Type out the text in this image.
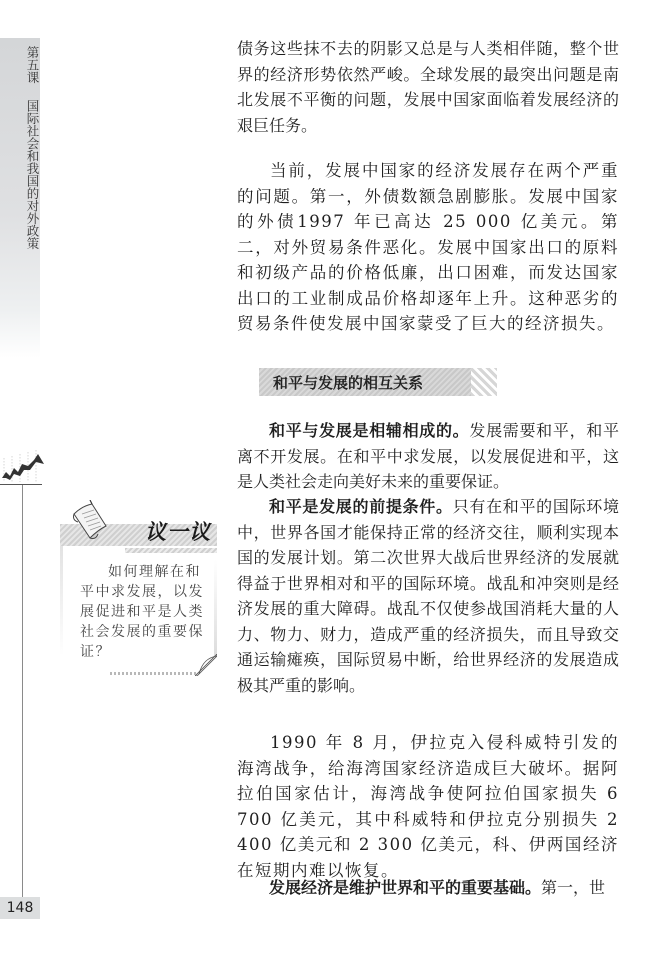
第五课国际社会和我国的对外政策
148

债务这些抹不去的阴影又总是与人类相伴随，整个世界的经济形势依然严峻。全球发展的最突出问题是南北发展不平衡的问题，发展中国家面临着发展经济的艰巨任务。

当前，发展中国家的经济发展存在两个严重的问题。第一，外债数额急剧膨胀。发展中国家的外债1997 年已高达 25 000 亿美元。第二，对外贸易条件恶化。发展中国家出口的原料和初级产品的价格低廉，出口困难，而发达国家出口的工业制成品价格却逐年上升。这种恶劣的贸易条件使发展中国家蒙受了巨大的经济损失。

和平与发展的相互关系

和平与发展是相辅相成的。发展需要和平，和平离不开发展。在和平中求发展，以发展促进和平，这是人类社会走向美好未来的重要保证。

和平是发展的前提条件。只有在和平的国际环境中，世界各国才能保持正常的经济交往，顺利实现本国的发展计划。第二次世界大战后世界经济的发展就得益于世界相对和平的国际环境。战乱和冲突则是经济发展的重大障碍。战乱不仅使参战国消耗大量的人力、物力、财力，造成严重的经济损失，而且导致交通运输瘫痪，国际贸易中断，给世界经济的发展造成极其严重的影响。

1990 年 8 月，伊拉克入侵科威特引发的海湾战争，给海湾国家经济造成巨大破坏。据阿拉伯国家估计，海湾战争使阿拉伯国家损失 6 700 亿美元，其中科威特和伊拉克分别损失 2 400 亿美元和 2 300 亿美元，科、伊两国经济在短期内难以恢复。

发展经济是维护世界和平的重要基础。第一，世

议一议
如何理解在和平中求发展，以发展促进和平是人类社会发展的重要保证？
